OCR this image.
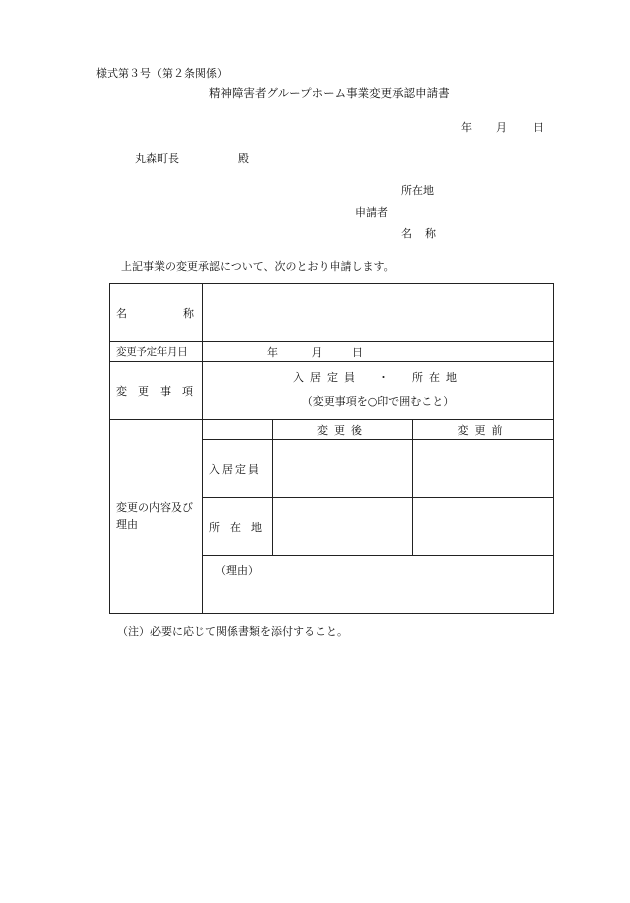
様式第３号（第２条関係）
精神障害者グループホーム事業変更承認申請書
年 月 日
丸森町長	殿
所在地
申請者
名 称
上記事業の変更承認について、次のとおり申請します。
名 称			

変更予定年月日	年 月 日		
変　更　事　項	入居定員　・　所在地
（変更事項を○印で囲むこと）		

変更の内容及び
理由		変更後	変更前
	入居定員		
	所在地		
	（理由）		
（注）必要に応じて関係書類を添付すること。
